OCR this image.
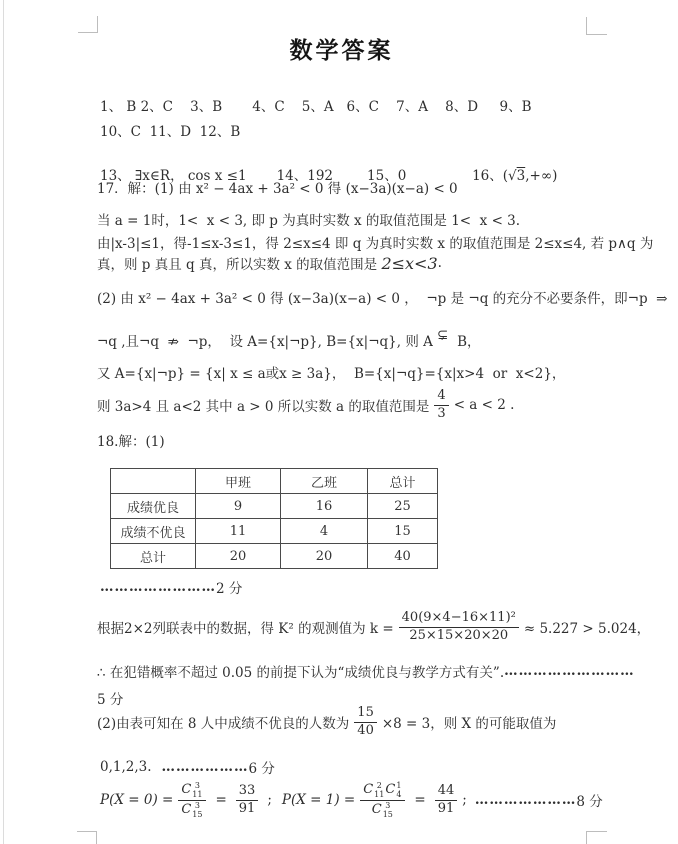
数学答案
1、 B 2、C    3、B       4、C    5、A   6、C    7、A    8、D     9、B
10、C  11、D  12、B
13、 ∃x∈R， cos x ≤1 14、192	15、0	16、(√3,+∞)

17．解：(1) 由 x² − 4ax + 3a² < 0 得 (x−3a)(x−a) < 0
当 a = 1时，1<  x < 3, 即 p 为真时实数 x 的取值范围是 1<  x < 3.
由|x-3|≤1，得-1≤x-3≤1，得 2≤x≤4 即 q 为真时实数 x 的取值范围是 2≤x≤4, 若 p∧q 为
真，则 p 真且 q 真，所以实数 x 的取值范围是 2≤x<3 .
(2) 由 x² − 4ax + 3a² < 0 得 (x−3a)(x−a) < 0 ，  ¬p 是 ¬q 的充分不必要条件，即¬p  ⇒
¬q ,且¬q  ⇏  ¬p，  设 A={x|¬p}, B={x|¬q}, 则 A ⊊ B，
又 A={x|¬p} = {x| x ≤ a或x ≥ 3a}，  B={x|¬q}={x|x>4  or  x<2}，
则 3a>4 且 a<2 其中 a > 0 所以实数 a 的取值范围是 $\frac{4}{3} < a < 2$ .
18.解：(1)
	甲班	乙班	总计
成绩优良	9	16	25
成绩不优良	11	4	15
总计	20	20	40
…………………… 2 分
根据2×2列联表中的数据，得 K² 的观测值为 $k = \frac{\text{40(9×4−16×11)²}}{25\times 15\times 20\times 20} \approx 5.227 > 5.024$，
∴ 在犯错概率不超过 0.05 的前提下认为“成绩优良与教学方式有关”. ………………………
5 分
(2)由表可知在 8 人中成绩不优良的人数为 $\frac{15}{40} \times 8 = 3$，则 X 的可能取值为
0,1,2,3. ……………… 6 分
P(X = 0) = C 3
11
C 3
$15 = \frac{33}{91}$ ; P(X = 1) = C 2
11 C 1
4
C 3
$15 = \frac{44}{91}$ ; ………………… 8 分
